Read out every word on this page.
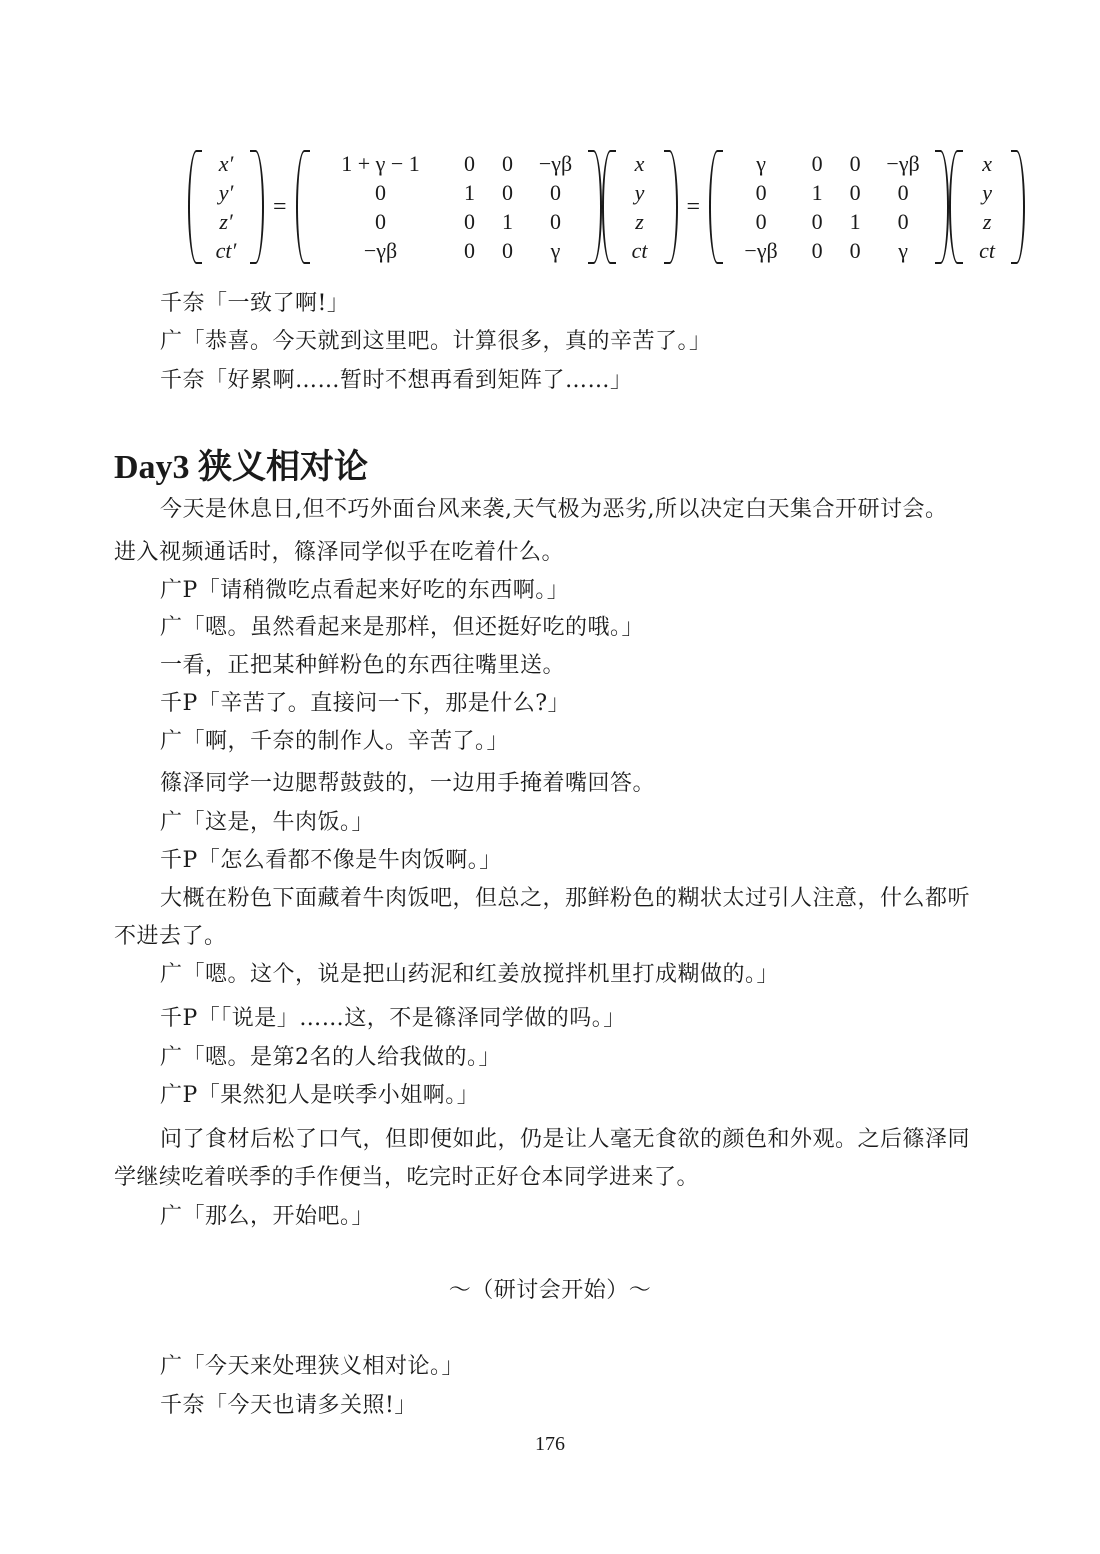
x′
y′
z′
ct′
=
1 + γ − 1 0 0 −γβ
0	1 0 0
0	0 1 0
−γβ	0 0 γ
x
y
z
ct
=
γ 0 0 −γβ
0 1 0 0
0 0 1 0
−γβ 0 0 γ
x
y
z
ct
千奈「一致了啊!」
广「恭喜。今天就到这里吧。计算很多，真的辛苦了。」
千奈「好累啊……暂时不想再看到矩阵了……」
Day3 狭义相对论
今天是休息日,但不巧外面台风来袭,天气极为恶劣,所以决定白天集合开研讨会。
进入视频通话时，篠泽同学似乎在吃着什么。
广P「请稍微吃点看起来好吃的东西啊。」
广「嗯。虽然看起来是那样，但还挺好吃的哦。」
一看，正把某种鲜粉色的东西往嘴里送。
千P「辛苦了。直接问一下，那是什么?」
广「啊，千奈的制作人。辛苦了。」
篠泽同学一边腮帮鼓鼓的，一边用手掩着嘴回答。
广「这是，牛肉饭。」
千P「怎么看都不像是牛肉饭啊。」
大概在粉色下面藏着牛肉饭吧，但总之，那鲜粉色的糊状太过引人注意，什么都听
不进去了。
广「嗯。这个，说是把山药泥和红姜放搅拌机里打成糊做的。」
千P「「说是」……这，不是篠泽同学做的吗。」
广「嗯。是第2名的人给我做的。」
广P「果然犯人是咲季小姐啊。」
问了食材后松了口气，但即便如此，仍是让人毫无食欲的颜色和外观。之后篠泽同
学继续吃着咲季的手作便当，吃完时正好仓本同学进来了。
广「那么，开始吧。」
～（研讨会开始）～
广「今天来处理狭义相对论。」
千奈「今天也请多关照!」
176
